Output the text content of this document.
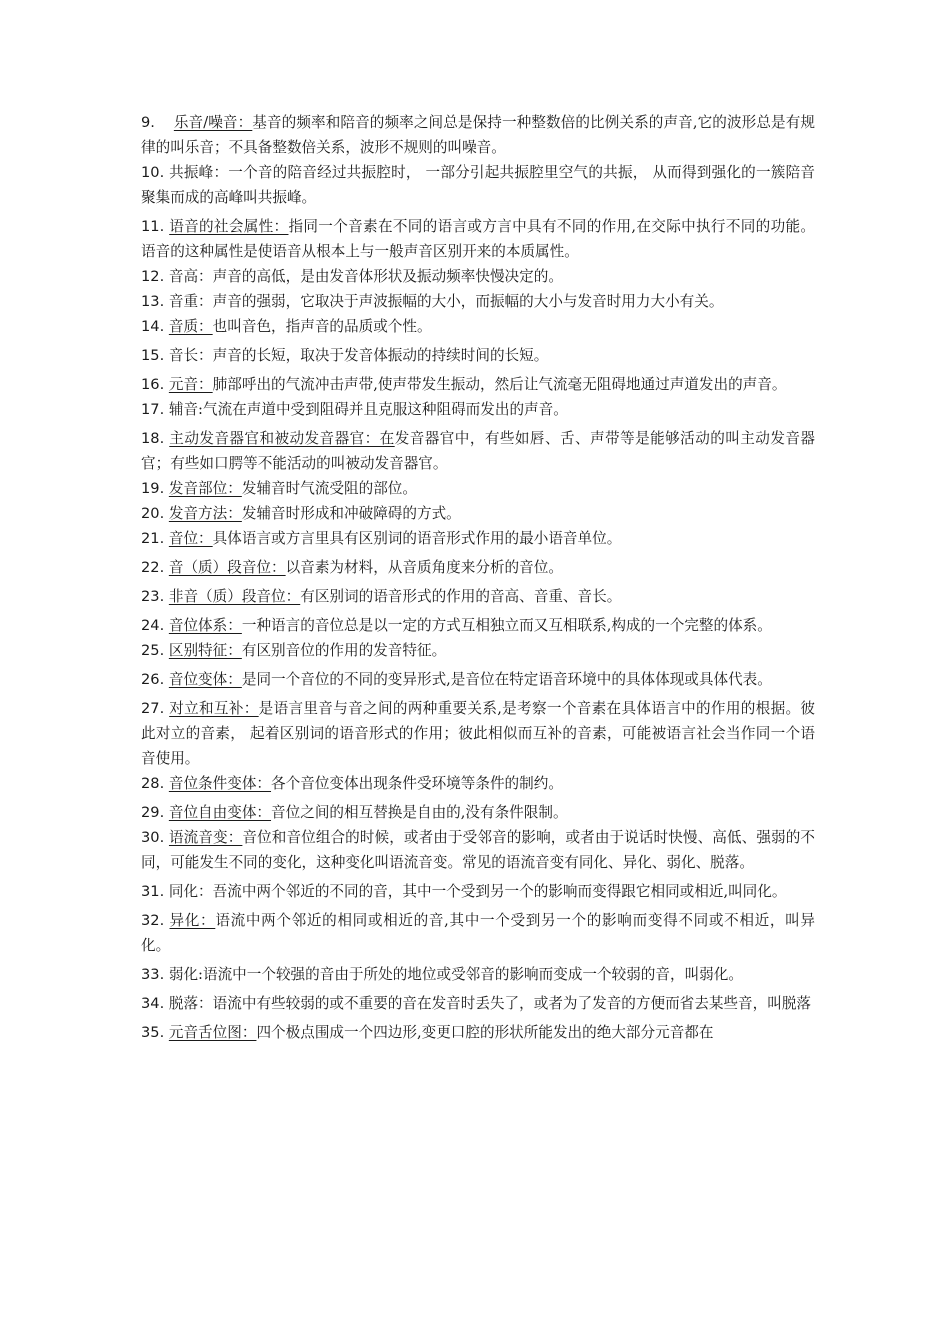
9. 乐音/噪音：基音的频率和陪音的频率之间总是保持一种整数倍的比例关系的声音,它的波形总是有规律的叫乐音；不具备整数倍关系，波形不规则的叫噪音。

10. 共振峰：一个音的陪音经过共振腔时， 一部分引起共振腔里空气的共振， 从而得到强化的一簇陪音聚集而成的高峰叫共振峰。

11. 语音的社会属性：指同一个音素在不同的语言或方言中具有不同的作用,在交际中执行不同的功能。语音的这种属性是使语音从根本上与一般声音区别开来的本质属性。

12. 音高：声音的高低，是由发音体形状及振动频率快慢决定的。

13. 音重：声音的强弱，它取决于声波振幅的大小，而振幅的大小与发音时用力大小有关。

14. 音质：也叫音色，指声音的品质或个性。

15. 音长：声音的长短，取决于发音体振动的持续时间的长短。

16. 元音：肺部呼出的气流冲击声带,使声带发生振动，然后让气流毫无阻碍地通过声道发出的声音。

17. 辅音:气流在声道中受到阻碍并且克服这种阻碍而发出的声音。

18. 主动发音器官和被动发音器官：在发音器官中，有些如唇、舌、声带等是能够活动的叫主动发音器官；有些如口腭等不能活动的叫被动发音器官。

19. 发音部位：发辅音时气流受阻的部位。

20. 发音方法：发辅音时形成和冲破障碍的方式。

21. 音位：具体语言或方言里具有区别词的语音形式作用的最小语音单位。

22. 音（质）段音位：以音素为材料，从音质角度来分析的音位。

23. 非音（质）段音位：有区别词的语音形式的作用的音高、音重、音长。

24. 音位体系：一种语言的音位总是以一定的方式互相独立而又互相联系,构成的一个完整的体系。

25. 区别特征：有区别音位的作用的发音特征。

26. 音位变体：是同一个音位的不同的变异形式,是音位在特定语音环境中的具体体现或具体代表。

27. 对立和互补：是语言里音与音之间的两种重要关系,是考察一个音素在具体语言中的作用的根据。彼此对立的音素， 起着区别词的语音形式的作用；彼此相似而互补的音素，可能被语言社会当作同一个语音使用。

28. 音位条件变体：各个音位变体出现条件受环境等条件的制约。

29. 音位自由变体：音位之间的相互替换是自由的,没有条件限制。

30. 语流音变：音位和音位组合的时候，或者由于受邻音的影响，或者由于说话时快慢、高低、强弱的不同，可能发生不同的变化，这种变化叫语流音变。常见的语流音变有同化、异化、弱化、脱落。

31. 同化：吾流中两个邻近的不同的音，其中一个受到另一个的影响而变得跟它相同或相近,叫同化。

32. 异化：语流中两个邻近的相同或相近的音,其中一个受到另一个的影响而变得不同或不相近，叫异化。

33. 弱化:语流中一个较强的音由于所处的地位或受邻音的影响而变成一个较弱的音，叫弱化。

34. 脱落：语流中有些较弱的或不重要的音在发音时丢失了，或者为了发音的方便而省去某些音，叫脱落

35. 元音舌位图：四个极点围成一个四边形,变更口腔的形状所能发出的绝大部分元音都在
